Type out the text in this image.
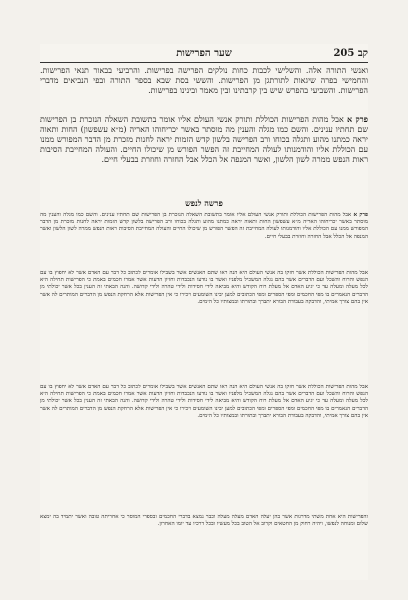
קב 205
שער הפרישות
ואנשי התורה אלה. והשלישי לכבות כחות נולקים הפרישה בפרישות. והרביעי בבאור תנאי הפרישות. והחמישי בפרה שיגאות לתורתגן מן הפרישות. והששי בסת שבא בספר התורה ובפי הנביאים מדברי הפרישות. והשביעי בהפרש שיש בין קרבתינו ובין מאמר ובינינו בפרישות.
פרק א אבל מהות הפרישות הכוללת ותורק אנשי העולם אליו אומר בתשובת השאלה הנזכרת בן הפרישות שם תחתיו ענינים. והשם כמו מגלה והענין מה מוסתר באשר יכריחוהו האריה (מ״א עשפשון) החות ותאוה יראה כמתנו מהוע ותגלה בכוחו ורב הפרישה בלשון קדש הזמות יראה לחנות מזכרת מן הדבר המפורש ממנו עם הכוללת אליו והודמנותו לעולה המחייבת זה הפשר הפורש מן שיכולו החיים. והעולה המחייבת הסיבות ראות הנפש ממרה לשון הלשון, ואשר המנפה אל הכלל אבל החזרה וחוזרת בבעלי חיים.
פרשה לנפש
פרק א אבל מהות הפרישות הכוללת ותורק אנשי העולם אליו אומר בתשובת השאלה הנזכרת בן הפרישות שם תחתיו ענינים. והשם כמו מגלה והענין מה מוסתר באשר יכריחוהו האריה מ״א עשפשון החות ותאוה יראה כמתנו מהוע ותגלה בכוחו ורב הפרישה בלשון קדש הזמות יראה לחנות מזכרת מן הדבר המפורש ממנו עם הכוללת אליו והודמנותו לעולה המחייבת זה הפשר הפורש מן שיכולו החיים והעולה המחייבת הסיבות ראות הנפש ממרה לשון הלשון ואשר המנפה אל הכלל אבל החזרה וחוזרת בבעלי חיים.
אבל מהות הפרישות הכוללת אשר חזקו בה אנשי העולם היא הנה ראו שתם האנשים אשר בשבילו אומרים לכתוב כל דבר עם האדם אשר לא יחפוץ בו עם הנפש והרוח והשכל ועם הדברים אשר בהם נגלה המשכיל מלפניו ואשר בו נודעו הנכבדות וחזיון הדעות אשר אמרו חכמים באמת כי הפרישות תחילה היא לכל מעלה ומעלה עד כי יגיע האדם אל מעלת רוח הקודש והיא מביאה לידי חסידות ולידי טהרה ולידי קדושה. והנה הבאתי זה הענין בכל אשר יכולתי מן הדברים הנאמרים בו מפי החכמים ומפי הספרים ומפי הכתובים למען יבינו השומעים ויכירו כי אין הפרישות אלא הרחקת הנפש מן הדברים המותרים לה אשר אין בהם צורך אמיתי, והדבקה בעבודת הבורא יתברך ובתורתו ובמצותיו כל הימים.
אבל מהות הפרישות הכוללת אשר חזקו בה אנשי העולם היא הנה ראו שתם האנשים אשר בשבילו אומרים לכתוב כל דבר עם האדם אשר לא יחפוץ בו עם הנפש והרוח והשכל ועם הדברים אשר בהם נגלה המשכיל מלפניו ואשר בו נודעו הנכבדות וחזיון הדעות אשר אמרו חכמים באמת כי הפרישות תחילה היא לכל מעלה ומעלה עד כי יגיע האדם אל מעלת רוח הקודש והיא מביאה לידי חסידות ולידי טהרה ולידי קדושה. והנה הבאתי זה הענין בכל אשר יכולתי מן הדברים הנאמרים בו מפי החכמים ומפי הספרים ומפי הכתובים למען יבינו השומעים ויכירו כי אין הפרישות אלא הרחקת הנפש מן הדברים המותרים לה אשר אין בהם צורך אמיתי, והדבקה בעבודת הבורא יתברך ובתורתו ובמצותיו כל הימים.
והפרישות היא אחת משתי מדרגות אשר בהן יעלה האדם מעלה מעלה וכבר נמצא בדברי החכמים ובספרי המוסר כי אחריתה טובה ואשר יתמיד בה ימצא שלום ומנוחה לנפשו, ויהיה רחוק מן החטאים וקרוב אל הטוב בכל מעשיו ובכל דרכיו עד יומו האחרון.
